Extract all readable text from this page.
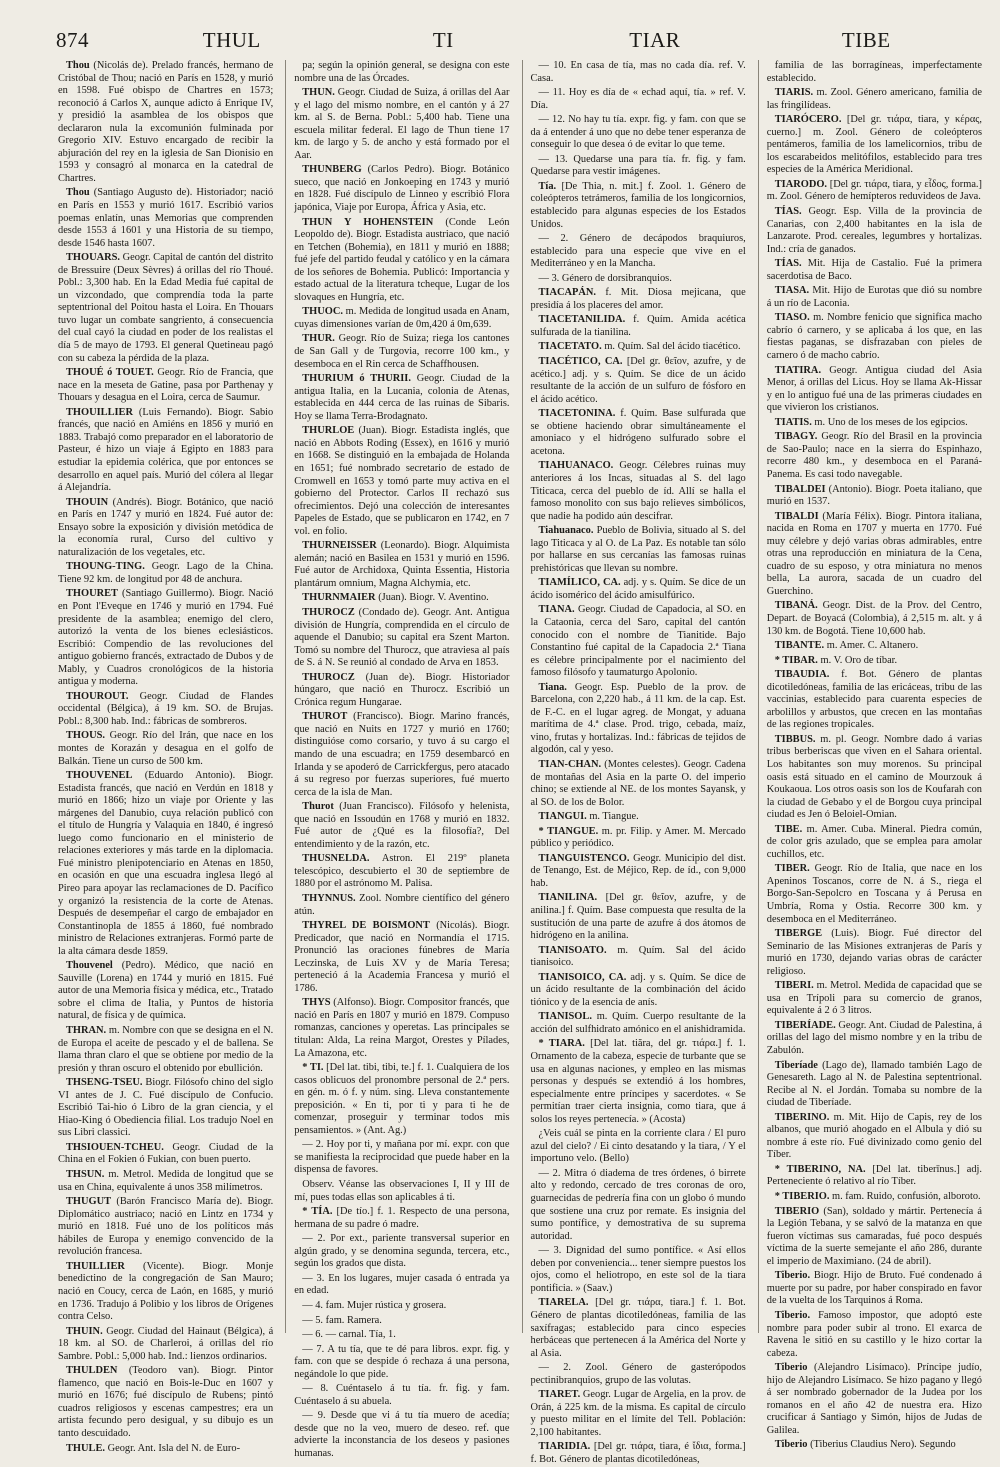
874	THUL	TI	TIAR	TIBE

Thou (Nicolás de). Prelado francés, hermano de Cristóbal de Thou; nació en París en 1528, y murió en 1598. Fué obispo de Chartres en 1573; reconoció á Carlos X, aunque adicto á Enrique IV, y presidió la asamblea de los obispos que declararon nula la excomunión fulminada por Gregorio XIV. Estuvo encargado de recibir la abjuración del rey en la iglesia de San Dionisio en 1593 y consagró al monarca en la catedral de Chartres.

Thou (Santiago Augusto de). Historiador; nació en París en 1553 y murió 1617. Escribió varios poemas enlatín, unas Memorias que comprenden desde 1553 á 1601 y una Historia de su tiempo, desde 1546 hasta 1607.

THOUARS. Geogr. Capital de cantón del distrito de Bressuire (Deux Sèvres) á orillas del río Thoué. Pobl.: 3,300 hab. En la Edad Media fué capital de un vizcondado, que comprendía toda la parte septentrional del Poitou hasta el Loira. En Thouars tuvo lugar un combate sangriento, á consecuencia del cual cayó la ciudad en poder de los realistas el día 5 de mayo de 1793. El general Quetineau pagó con su cabeza la pérdida de la plaza.

THOUÉ ó TOUET. Geogr. Río de Francia, que nace en la meseta de Gatine, pasa por Parthenay y Thouars y desagua en el Loira, cerca de Saumur.

THOUILLIER (Luis Fernando). Biogr. Sabio francés, que nació en Amiéns en 1856 y murió en 1883. Trabajó como preparador en el laboratorio de Pasteur, é hizo un viaje á Egipto en 1883 para estudiar la epidemia colérica, que por entonces se desarrollo en aquel país. Murió del cólera al llegar á Alejandría.

THOUIN (Andrés). Biogr. Botánico, que nació en París en 1747 y murió en 1824. Fué autor de: Ensayo sobre la exposición y división metódica de la economía rural, Curso del cultivo y naturalización de los vegetales, etc.

THOUNG-TING. Geogr. Lago de la China. Tiene 92 km. de longitud por 48 de anchura.

THOURET (Santiago Guillermo). Biogr. Nació en Pont l'Eveque en 1746 y murió en 1794. Fué presidente de la asamblea; enemigo del clero, autorizó la venta de los bienes eclesiásticos. Escribió: Compendio de las revoluciones del antiguo gobierno francés, extractado de Dubos y de Mably, y Cuadros cronológicos de la historia antigua y moderna.

THOUROUT. Geogr. Ciudad de Flandes occidental (Bélgica), á 19 km. SO. de Brujas. Pobl.: 8,300 hab. Ind.: fábricas de sombreros.

THOUS. Geogr. Río del Irán, que nace en los montes de Korazán y desagua en el golfo de Balkán. Tiene un curso de 500 km.

THOUVENEL (Eduardo Antonio). Biogr. Estadista francés, que nació en Verdún en 1818 y murió en 1866; hizo un viaje por Oriente y las márgenes del Danubio, cuya relación publicó con el título de Hungría y Valaquia en 1840, é ingresó luego como funcionario en el ministerio de relaciones exteriores y más tarde en la diplomacia. Fué ministro plenipotenciario en Atenas en 1850, en ocasión en que una escuadra inglesa llegó al Pireo para apoyar las reclamaciones de D. Pacífico y organizó la resistencia de la corte de Atenas. Después de desempeñar el cargo de embajador en Constantinopla de 1855 á 1860, fué nombrado ministro de Relaciones extranjeras. Formó parte de la alta cámara desde 1859.

Thouvenel (Pedro). Médico, que nació en Sauville (Lorena) en 1744 y murió en 1815. Fué autor de una Memoria física y médica, etc., Tratado sobre el clima de Italia, y Puntos de historia natural, de física y de química.

THRAN. m. Nombre con que se designa en el N. de Europa el aceite de pescado y el de ballena. Se llama thran claro el que se obtiene por medio de la presión y thran oscuro el obtenido por ebullición.

THSENG-TSEU. Biogr. Filósofo chino del siglo VI antes de J. C. Fué discípulo de Confucio. Escribió Tai-hio ó Libro de la gran ciencia, y el Hiao-King ó Obediencia filial. Los tradujo Noel en sus Libri classici.

THSIOUEN-TCHEU. Geogr. Ciudad de la China en el Fokien ó Fukian, con buen puerto.

THSUN. m. Metrol. Medida de longitud que se usa en China, equivalente á unos 358 milímetros.

THUGUT (Barón Francisco María de). Biogr. Diplomático austriaco; nació en Lintz en 1734 y murió en 1818. Fué uno de los políticos más hábiles de Europa y enemigo convencido de la revolución francesa.

THUILLIER (Vicente). Biogr. Monje benedictino de la congregación de San Mauro; nació en Coucy, cerca de Laón, en 1685, y murió en 1736. Tradujo á Polibio y los libros de Orígenes contra Celso.

THUIN. Geogr. Ciudad del Hainaut (Bélgica), á 18 km. al SO. de Charleroi, á orillas del río Sambre. Pobl.: 5,000 hab. Ind.: lienzos ordinarios.

THULDEN (Teodoro van). Biogr. Pintor flamenco, que nació en Bois-le-Duc en 1607 y murió en 1676; fué discípulo de Rubens; pintó cuadros religiosos y escenas campestres; era un artista fecundo pero desigual, y su dibujo es un tanto descuidado.

THULE. Geogr. Ant. Isla del N. de Euro-

pa; según la opinión general, se designa con este nombre una de las Órcades.

THUN. Geogr. Ciudad de Suiza, á orillas del Aar y el lago del mismo nombre, en el cantón y á 27 km. al S. de Berna. Pobl.: 5,400 hab. Tiene una escuela militar federal. El lago de Thun tiene 17 km. de largo y 5. de ancho y está formado por el Aar.

THUNBERG (Carlos Pedro). Biogr. Botánico sueco, que nació en Jonkoeping en 1743 y murió en 1828. Fué discípulo de Linneo y escribió Flora japónica, Viaje por Europa, África y Asia, etc.

THUN Y HOHENSTEIN (Conde León Leopoldo de). Biogr. Estadista austriaco, que nació en Tetchen (Bohemia), en 1811 y murió en 1888; fué jefe del partido feudal y católico y en la cámara de los señores de Bohemia. Publicó: Importancia y estado actual de la literatura tcheque, Lugar de los slovaques en Hungría, etc.

THUOC. m. Medida de longitud usada en Anam, cuyas dimensiones varían de 0m,420 á 0m,639.

THUR. Geogr. Río de Suiza; riega los cantones de San Gall y de Turgovia, recorre 100 km., y desemboca en el Rin cerca de Schaffhousen.

THURIUM ó THURII. Geogr. Ciudad de la antigua Italia, en la Lucania, colonia de Atenas, establecida en 444 cerca de las ruinas de Sibaris. Hoy se llama Terra-Brodagnato.

THURLOE (Juan). Biogr. Estadista inglés, que nació en Abbots Roding (Essex), en 1616 y murió en 1668. Se distinguió en la embajada de Holanda en 1651; fué nombrado secretario de estado de Cromwell en 1653 y tomó parte muy activa en el gobierno del Protector. Carlos II rechazó sus ofrecimientos. Dejó una colección de interesantes Papeles de Estado, que se publicaron en 1742, en 7 vol. en folio.

THURNEISSER (Leonardo). Biogr. Alquimista alemán; nació en Basilea en 1531 y murió en 1596. Fué autor de Archidoxa, Quinta Essentia, Historia plantárum omnium, Magna Alchymia, etc.

THURNMAIER (Juan). Biogr. V. Aventino.

THUROCZ (Condado de). Geogr. Ant. Antigua división de Hungría, comprendida en el círculo de aquende el Danubio; su capital era Szent Marton. Tomó su nombre del Thurocz, que atraviesa al país de S. á N. Se reunió al condado de Arva en 1853.

THUROCZ (Juan de). Biogr. Historiador húngaro, que nació en Thurocz. Escribió un Crónica regum Hungarae.

THUROT (Francisco). Biogr. Marino francés, que nació en Nuits en 1727 y murió en 1760; distinguióse como corsario, y tuvo á su cargo el mando de una escuadra; en 1759 desembarcó en Irlanda y se apoderó de Carrickfergus, pero atacado á su regreso por fuerzas superiores, fué muerto cerca de la isla de Man.

Thurot (Juan Francisco). Filósofo y helenista, que nació en Issoudún en 1768 y murió en 1832. Fué autor de ¿Qué es la filosofía?, Del entendimiento y de la razón, etc.

THUSNELDA. Astron. El 219º planeta telescópico, descubierto el 30 de septiembre de 1880 por el astrónomo M. Palisa.

THYNNUS. Zool. Nombre científico del género atún.

THYREL DE BOISMONT (Nicolás). Biogr. Predicador, que nació en Normandía el 1715. Pronunció las oraciones fúnebres de María Leczinska, de Luis XV y de María Teresa; perteneció á la Academia Francesa y murió el 1786.

THYS (Alfonso). Biogr. Compositor francés, que nació en París en 1807 y murió en 1879. Compuso romanzas, canciones y operetas. Las principales se titulan: Alda, La reina Margot, Orestes y Pílades, La Amazona, etc.

* TI. [Del lat. tibi, tibi, te.] f. 1. Cualquiera de los casos oblicuos del pronombre personal de 2.ª pers. en gén. m. ó f. y núm. sing. Lleva constantemente preposición. « En ti, por ti y para ti he de comenzar, proseguir y terminar todos mis pensamientos. » (Ant. Ag.)

— 2. Hoy por ti, y mañana por mí. expr. con que se manifiesta la reciprocidad que puede haber en la dispensa de favores.

Observ. Véanse las observaciones I, II y III de mí, pues todas ellas son aplicables á ti.

* TÍA. [De tío.] f. 1. Respecto de una persona, hermana de su padre ó madre.

— 2. Por ext., pariente transversal superior en algún grado, y se denomina segunda, tercera, etc., según los grados que dista.

— 3. En los lugares, mujer casada ó entrada ya en edad.

— 4. fam. Mujer rústica y grosera.

— 5. fam. Ramera.

— 6. — carnal. Tía, 1.

— 7. A tu tía, que te dé para libros. expr. fig. y fam. con que se despide ó rechaza á una persona, negándole lo que pide.

— 8. Cuéntaselo á tu tía. fr. fig. y fam. Cuéntaselo á su abuela.

— 9. Desde que vi á tu tía muero de acedía; desde que no la veo, muero de deseo. ref. que advierte la inconstancia de los deseos y pasiones humanas.

— 10. En casa de tía, mas no cada día. ref. V. Casa.

— 11. Hoy es día de « echad aquí, tía. » ref. V. Día.

— 12. No hay tu tía. expr. fig. y fam. con que se da á entender á uno que no debe tener esperanza de conseguir lo que desea ó de evitar lo que teme.

— 13. Quedarse una para tía. fr. fig. y fam. Quedarse para vestir imágenes.

Tía. [De Thia, n. mit.] f. Zool. 1. Género de coleópteros tetrámeros, familia de los longicornios, establecido para algunas especies de los Estados Unidos.

— 2. Género de decápodos braquiuros, establecido para una especie que vive en el Mediterráneo y en la Mancha.

— 3. Género de dorsibranquios.

TIACAPÁN. f. Mit. Diosa mejicana, que presidía á los placeres del amor.

TIACETANILIDA. f. Quím. Amida acética sulfurada de la tianilina.

TIACETATO. m. Quím. Sal del ácido tiacético.

TIACÉTICO, CA. [Del gr. θεῖον, azufre, y de acético.] adj. y s. Quím. Se dice de un ácido resultante de la acción de un sulfuro de fósforo en el ácido acético.

TIACETONINA. f. Quím. Base sulfurada que se obtiene haciendo obrar simultáneamente el amoniaco y el hidrógeno sulfurado sobre el acetona.

TIAHUANACO. Geogr. Célebres ruinas muy anteriores á los Incas, situadas al S. del lago Titicaca, cerca del pueblo de íd. Allí se halla el famoso monolito con sus bajo relieves simbólicos, que nadie ha podido aún descifrar.

Tiahuanaco. Pueblo de Bolivia, situado al S. del lago Titicaca y al O. de La Paz. Es notable tan sólo por hallarse en sus cercanías las famosas ruinas prehistóricas que llevan su nombre.

TIAMÍLICO, CA. adj. y s. Quím. Se dice de un ácido isomérico del ácido amisulfúrico.

TIANA. Geogr. Ciudad de Capadocia, al SO. en la Cataonia, cerca del Saro, capital del cantón conocido con el nombre de Tianitide. Bajo Constantino fué capital de la Capadocia 2.ª Tiana es célebre principalmente por el nacimiento del famoso filósofo y taumaturgo Apolonio.

Tiana. Geogr. Esp. Pueblo de la prov. de Barcelona, con 2,220 hab., á 11 km. de la cap. Est. de F.-C. en el lugar agreg. de Mongat, y aduana marítima de 4.ª clase. Prod. trigo, cebada, maíz, vino, frutas y hortalizas. Ind.: fábricas de tejidos de algodón, cal y yeso.

TIAN-CHAN. (Montes celestes). Geogr. Cadena de montañas del Asia en la parte O. del imperio chino; se extiende al NE. de los montes Sayansk, y al SO. de los de Bolor.

TIANGUI. m. Tiangue.

* TIANGUE. m. pr. Filip. y Amer. M. Mercado público y periódico.

TIANGUISTENCO. Geogr. Municipio del dist. de Tenango, Est. de Méjico, Rep. de íd., con 9,000 hab.

TIANILINA. [Del gr. θεῖον, azufre, y de anilina.] f. Quím. Base compuesta que resulta de la sustitución de una parte de azufre á dos átomos de hidrógeno en la anilina.

TIANISOATO. m. Quím. Sal del ácido tianisoico.

TIANISOICO, CA. adj. y s. Quím. Se dice de un ácido resultante de la combinación del ácido tiónico y de la esencia de anís.

TIANISOL. m. Quím. Cuerpo resultante de la acción del sulfhidrato amónico en el anishidramida.

* TIARA. [Del lat. tiăra, del gr. τιάρα.] f. 1. Ornamento de la cabeza, especie de turbante que se usa en algunas naciones, y empleo en las mismas personas y después se extendió á los hombres, especialmente entre príncipes y sacerdotes. « Se permitían traer cierta insignia, como tiara, que á solos los reyes pertenecía. » (Acosta)

¿Veis cuál se pinta en la corriente clara / El puro azul del cielo? / Ei cinto desatando y la tiara, / Y el importuno velo. (Bello)

— 2. Mitra ó diadema de tres órdenes, ó birrete alto y redondo, cercado de tres coronas de oro, guarnecidas de pedrería fina con un globo ó mundo que sostiene una cruz por remate. Es insignia del sumo pontífice, y demostrativa de su suprema autoridad.

— 3. Dignidad del sumo pontífice. « Así ellos deben por conveniencia... tener siempre puestos los ojos, como el heliotropo, en este sol de la tiara pontificia. » (Saav.)

TIARELA. [Del gr. τιάρα, tiara.] f. 1. Bot. Género de plantas dicotiledóneas, familia de las saxífragas; establecido para cinco especies herbáceas que pertenecen á la América del Norte y al Asia.

— 2. Zool. Género de gasterópodos pectinibranquios, grupo de las volutas.

TIARET. Geogr. Lugar de Argelia, en la prov. de Orán, á 225 km. de la misma. Es capital de círculo y puesto militar en el límite del Tell. Población: 2,100 habitantes.

TIARIDIA. [Del gr. τιάρα, tiara, é ἴδια, forma.] f. Bot. Género de plantas dicotiledóneas,

familia de las borragíneas, imperfectamente establecido.

TIARIS. m. Zool. Género americano, familia de las fringilídeas.

TIARÓCERO. [Del gr. τιάρα, tiara, y κέρας, cuerno.] m. Zool. Género de coleópteros pentámeros, familia de los lamelicornios, tribu de los escarabeidos melitófilos, establecido para tres especies de la América Meridional.

TIARODO. [Del gr. τιάρα, tiara, y εἶδος, forma.] m. Zool. Género de hemípteros reduvideos de Java.

TÍAS. Geogr. Esp. Villa de la provincia de Canarias, con 2,400 habitantes en la isla de Lanzarote. Prod. cereales, legumbres y hortalizas. Ind.: cría de ganados.

TÍAS. Mit. Hija de Castalio. Fué la primera sacerdotisa de Baco.

TIASA. Mit. Hijo de Eurotas que dió su nombre á un río de Laconia.

TIASO. m. Nombre fenicio que significa macho cabrío ó carnero, y se aplicaba á los que, en las fiestas paganas, se disfrazaban con pieles de carnero ó de macho cabrío.

TIATIRA. Geogr. Antigua ciudad del Asia Menor, á orillas del Licus. Hoy se llama Ak-Hissar y en lo antiguo fué una de las primeras ciudades en que vivieron los cristianos.

TIATIS. m. Uno de los meses de los egipcios.

TIBAGY. Geogr. Río del Brasil en la provincia de Sao-Paulo; nace en la sierra do Espinhazo, recorre 480 km., y desemboca en el Paraná-Panema. Es casi todo navegable.

TIBALDEI (Antonio). Biogr. Poeta italiano, que murió en 1537.

TIBALDI (María Félix). Biogr. Pintora italiana, nacida en Roma en 1707 y muerta en 1770. Fué muy célebre y dejó varias obras admirables, entre otras una reproducción en miniatura de la Cena, cuadro de su esposo, y otra miniatura no menos bella, La aurora, sacada de un cuadro del Guerchino.

TIBANÁ. Geogr. Dist. de la Prov. del Centro, Depart. de Boyacá (Colombia), á 2,515 m. alt. y á 130 km. de Bogotá. Tiene 10,600 hab.

TIBANTE. m. Amer. C. Altanero.

* TIBAR. m. V. Oro de tíbar.

TIBAUDIA. f. Bot. Género de plantas dicotiledóneas, familia de las ericáceas, tribu de las vaccinias, establecido para cuarenta especies de arbolillos y arbustos, que crecen en las montañas de las regiones tropicales.

TIBBUS. m. pl. Geogr. Nombre dado á varias tribus berberiscas que viven en el Sahara oriental. Los habitantes son muy morenos. Su principal oasis está situado en el camino de Mourzouk á Koukaoua. Los otros oasis son los de Koufarah con la ciudad de Gebabo y el de Borgou cuya principal ciudad es Jen ó Beloiel-Omian.

TIBE. m. Amer. Cuba. Mineral. Piedra común, de color gris azulado, que se emplea para amolar cuchillos, etc.

TIBER. Geogr. Río de Italia, que nace en los Apeninos Toscanos, corre de N. á S., riega el Borgo-San-Sepolcro en Toscana y á Perusa en Umbría, Roma y Ostia. Recorre 300 km. y desemboca en el Mediterráneo.

TIBERGE (Luis). Biogr. Fué director del Seminario de las Misiones extranjeras de París y murió en 1730, dejando varias obras de carácter religioso.

TIBERI. m. Metrol. Medida de capacidad que se usa en Trípoli para su comercio de granos, equivalente á 2 ó 3 litros.

TIBERÍADE. Geogr. Ant. Ciudad de Palestina, á orillas del lago del mismo nombre y en la tribu de Zabulón.

Tiberíade (Lago de), llamado también Lago de Genesareth. Lago al N. de Palestina septentrional. Recibe al N. el Jordán. Tomaba su nombre de la ciudad de Tiberíade.

TIBERINO. m. Mit. Hijo de Capis, rey de los albanos, que murió ahogado en el Albula y dió su nombre á este río. Fué divinizado como genio del Tíber.

* TIBERINO, NA. [Del lat. tiberīnus.] adj. Perteneciente ó relativo al río Tíber.

* TIBERIO. m. fam. Ruido, confusión, alboroto.

TIBERIO (San), soldado y mártir. Pertenecía á la Legión Tebana, y se salvó de la matanza en que fueron víctimas sus camaradas, fué poco después víctima de la suerte semejante el año 286, durante el imperio de Maximiano. (24 de abril).

Tiberio. Biogr. Hijo de Bruto. Fué condenado á muerte por su padre, por haber conspirado en favor de la vuelta de los Tarquinos á Roma.

Tiberio. Famoso impostor, que adoptó este nombre para poder subir al trono. El exarca de Ravena le sitió en su castillo y le hizo cortar la cabeza.

Tiberio (Alejandro Lisímaco). Príncipe judío, hijo de Alejandro Lisímaco. Se hizo pagano y llegó á ser nombrado gobernador de la Judea por los romanos en el año 42 de nuestra era. Hizo crucificar á Santiago y Simón, hijos de Judas de Galilea.

Tiberio (Tiberius Claudius Nero). Segundo
